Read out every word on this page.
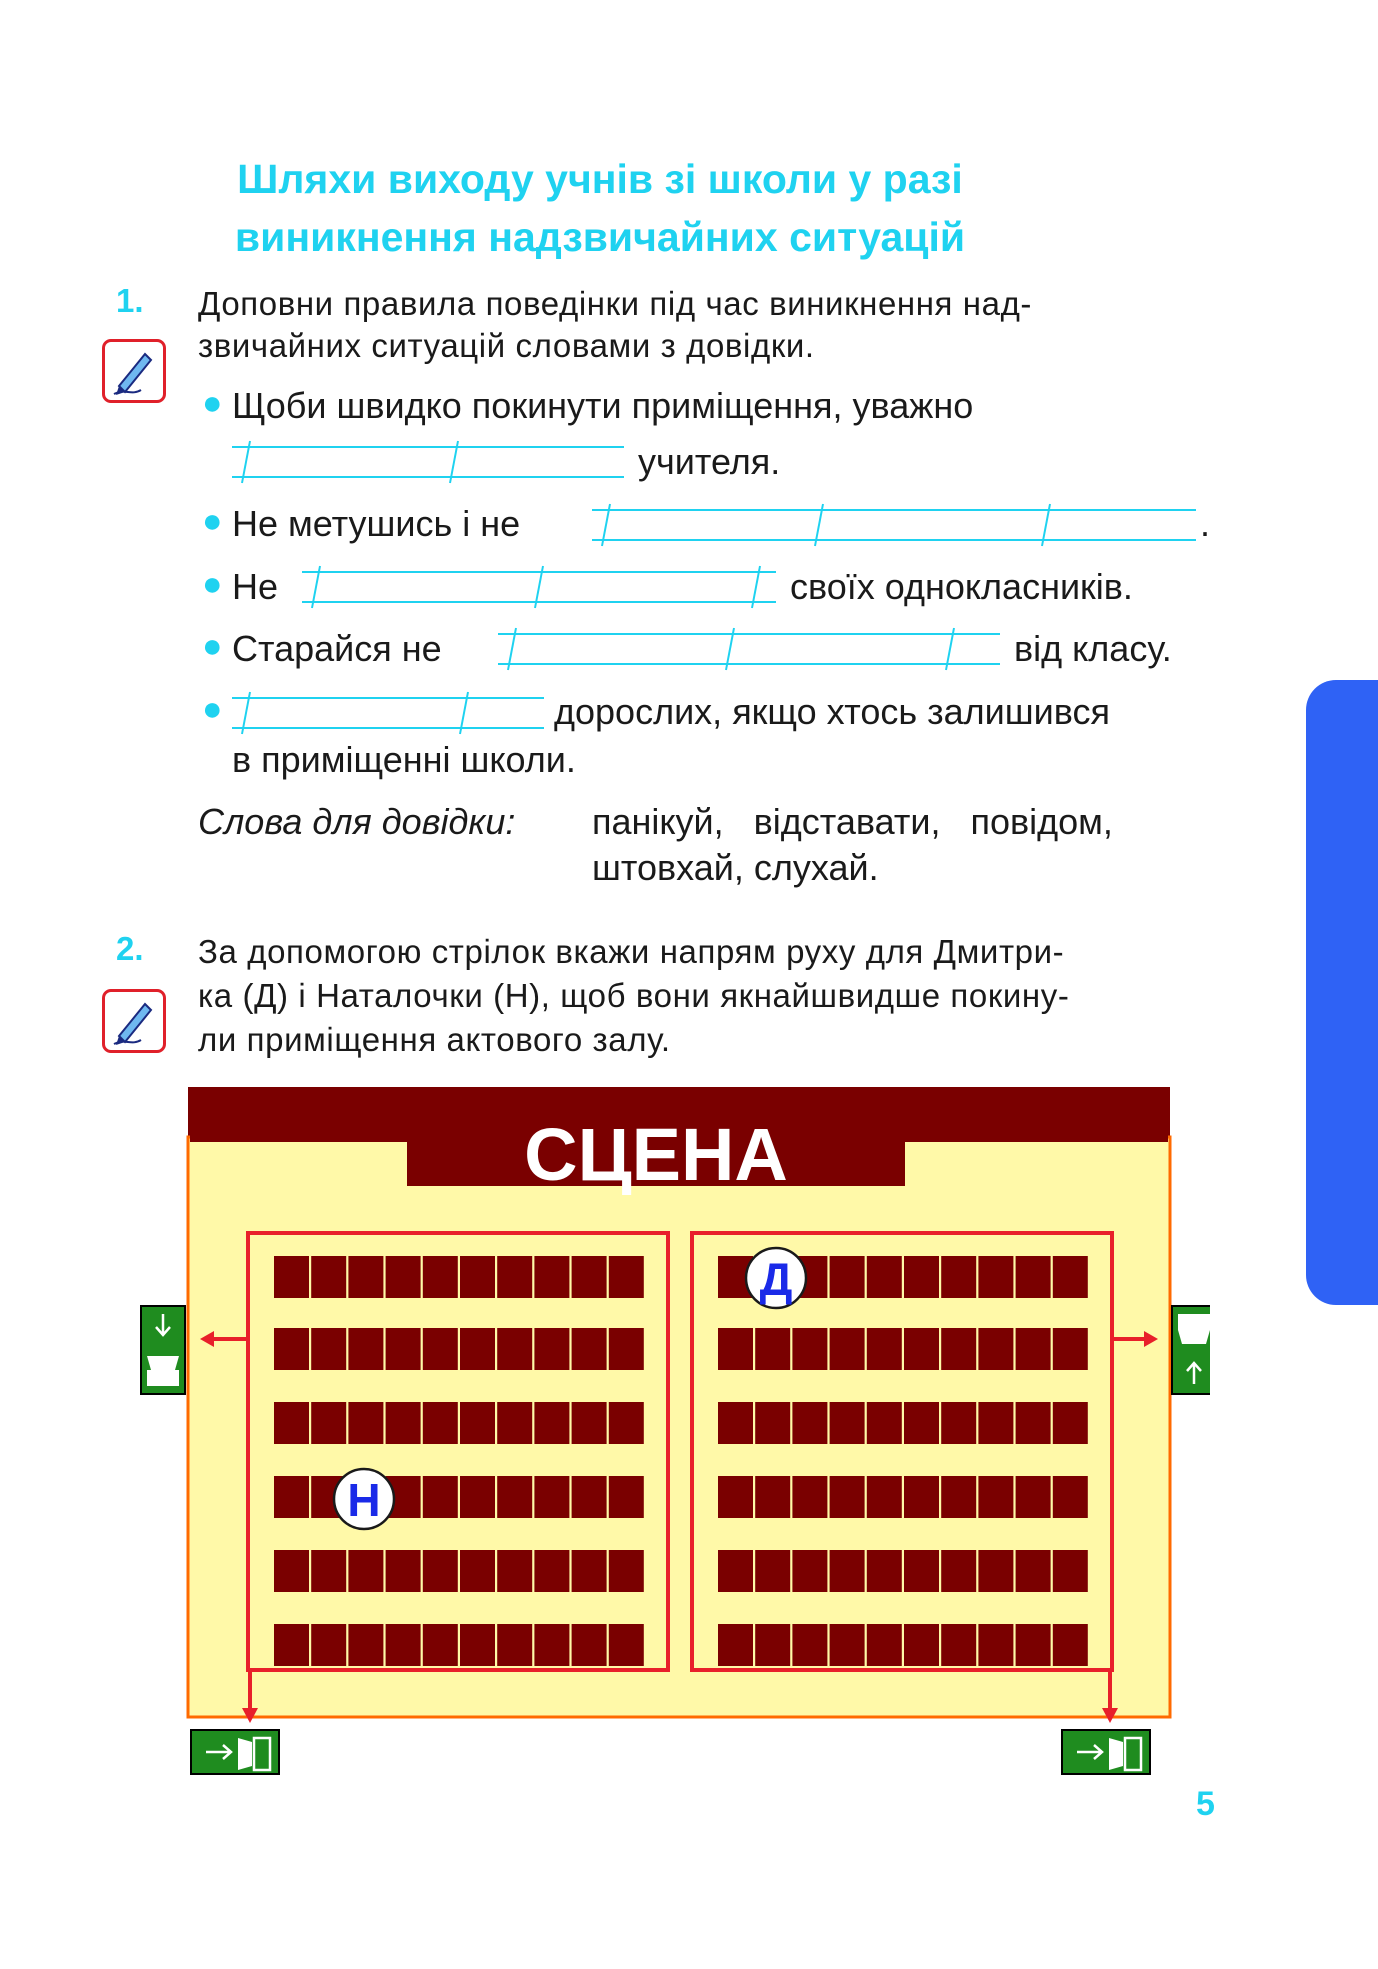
Шляхи виходу учнів зі школи у разі
виникнення надзвичайних ситуацій
1. Доповни правила поведінки під час виникнення над-
звичайних ситуацій словами з довідки.
● Щоби швидко покинути приміщення, уважно
учителя.
● Не метушись і не	.
● Не	своїх однокласників.
● Старайся не	від класу.
●	дорослих, якщо хтось залишився
в приміщенні школи.
Слова для довідки: панікуй,   відставати,   повідом,
штовхай, слухай.
2. За допомогою стрілок вкажи напрям руху для Дмитри-
ка (Д) і Наталочки (Н), щоб вони якнайшвидше покину-
ли приміщення актового залу.
СЦЕНА
Д
Н
5
